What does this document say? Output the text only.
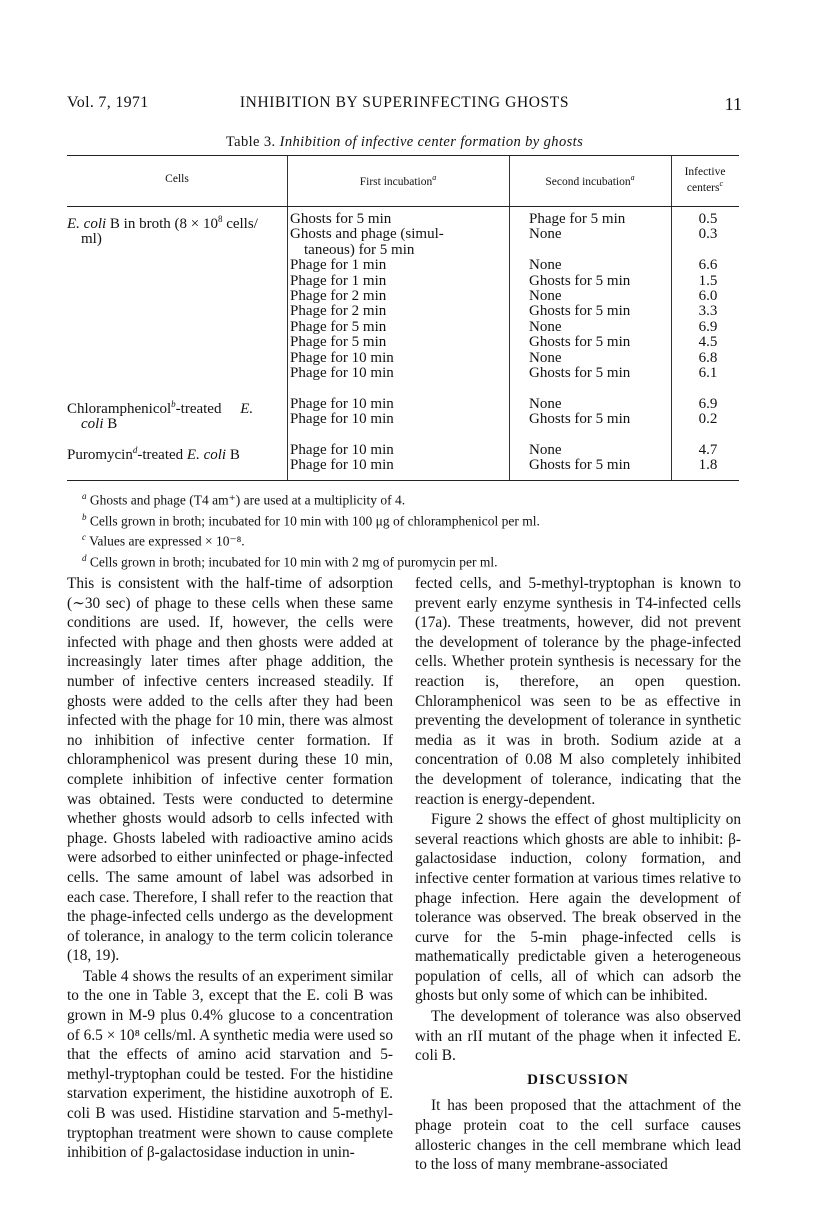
Vol. 7, 1971	INHIBITION BY SUPERINFECTING GHOSTS	11
Table 3. Inhibition of infective center formation by ghosts
Cells	First incubation$^a$	Second incubation$^a$	Infective
centers$^c$
E. coli B in broth ($8 \times 10^8$ cells/
ml)
Ghosts for 5 min	Phage for 5 min	0.5
Ghosts and phage (simul-
taneous) for 5 min
None	0.3
Phage for 1 min	None	6.6
Phage for 1 min	Ghosts for 5 min	1.5
Phage for 2 min	None	6.0
Phage for 2 min	Ghosts for 5 min	3.3
Phage for 5 min	None	6.9
Phage for 5 min	Ghosts for 5 min	4.5
Phage for 10 min	None	6.8
Phage for 10 min	Ghosts for 5 min	6.1
Chloramphenicol$^b$-treated     E.
coli B
Phage for 10 min	None	6.9
Phage for 10 min	Ghosts for 5 min	0.2
Puromycin$^d$-treated E. coli B	Phage for 10 min	None	4.7
Phage for 10 min	Ghosts for 5 min	1.8
$^a$ Ghosts and phage (T4 am⁺) are used at a multiplicity of 4.
$^b$ Cells grown in broth; incubated for 10 min with 100 μg of chloramphenicol per ml.
$^c$ Values are expressed × 10⁻⁸.
$^d$ Cells grown in broth; incubated for 10 min with 2 mg of puromycin per ml.

This is consistent with the half-time of adsorption (∼30 sec) of phage to these cells when these same conditions are used. If, however, the cells were infected with phage and then ghosts were added at increasingly later times after phage addition, the number of infective centers increased steadily. If ghosts were added to the cells after they had been infected with the phage for 10 min, there was almost no inhibition of infective center formation. If chloramphenicol was present during these 10 min, complete inhibition of infective center formation was obtained. Tests were conducted to determine whether ghosts would adsorb to cells infected with phage. Ghosts labeled with radioactive amino acids were adsorbed to either uninfected or phage-infected cells. The same amount of label was adsorbed in each case. Therefore, I shall refer to the reaction that the phage-infected cells undergo as the development of tolerance, in analogy to the term colicin tolerance (18, 19).

Table 4 shows the results of an experiment similar to the one in Table 3, except that the E. coli B was grown in M-9 plus 0.4% glucose to a concentration of 6.5 × 10⁸ cells/ml. A synthetic media were used so that the effects of amino acid starvation and 5-methyl-tryptophan could be tested. For the histidine starvation experiment, the histidine auxotroph of E. coli B was used. Histidine starvation and 5-methyl-tryptophan treatment were shown to cause complete inhibition of β-galactosidase induction in unin-

fected cells, and 5-methyl-tryptophan is known to prevent early enzyme synthesis in T4-infected cells (17a). These treatments, however, did not prevent the development of tolerance by the phage-infected cells. Whether protein synthesis is necessary for the reaction is, therefore, an open question. Chloramphenicol was seen to be as effective in preventing the development of tolerance in synthetic media as it was in broth. Sodium azide at a concentration of 0.08 M also completely inhibited the development of tolerance, indicating that the reaction is energy-dependent.

Figure 2 shows the effect of ghost multiplicity on several reactions which ghosts are able to inhibit: β-galactosidase induction, colony formation, and infective center formation at various times relative to phage infection. Here again the development of tolerance was observed. The break observed in the curve for the 5-min phage-infected cells is mathematically predictable given a heterogeneous population of cells, all of which can adsorb the ghosts but only some of which can be inhibited.

The development of tolerance was also observed with an rII mutant of the phage when it infected E. coli B.

DISCUSSION

It has been proposed that the attachment of the phage protein coat to the cell surface causes allosteric changes in the cell membrane which lead to the loss of many membrane-associated
